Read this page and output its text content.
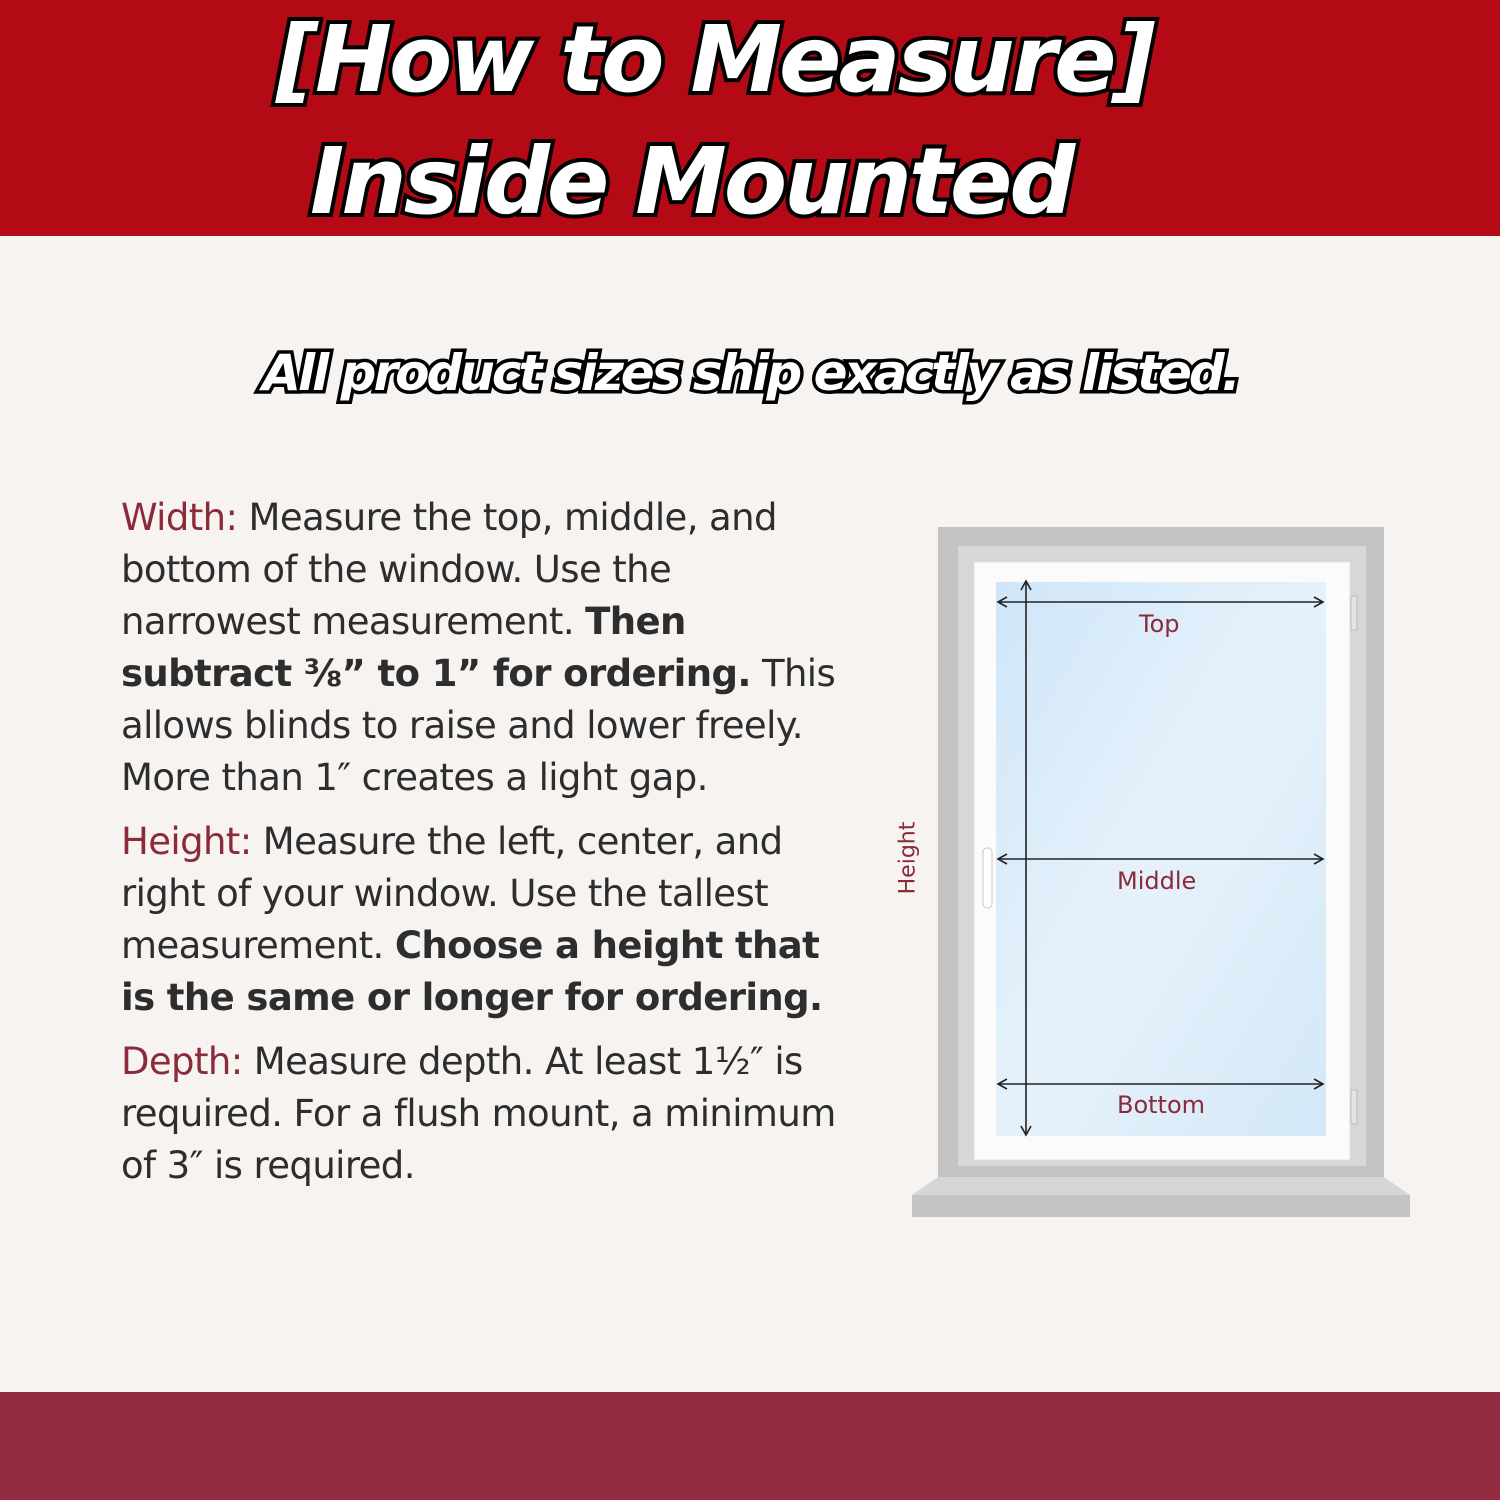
[How to Measure]
Inside Mounted
All product sizes ship exactly as listed.

Width: Measure the top, middle, and bottom of the window. Use the narrowest measurement. Then subtract ⅜” to 1” for ordering. This allows blinds to raise and lower freely. More than 1″ creates a light gap.

Height: Measure the left, center, and right of your window. Use the tallest measurement. Choose a height that is the same or longer for ordering.

Depth: Measure depth. At least 1½″ is required. For a flush mount, a minimum of 3″ is required.

Top
Middle
Bottom
Height
